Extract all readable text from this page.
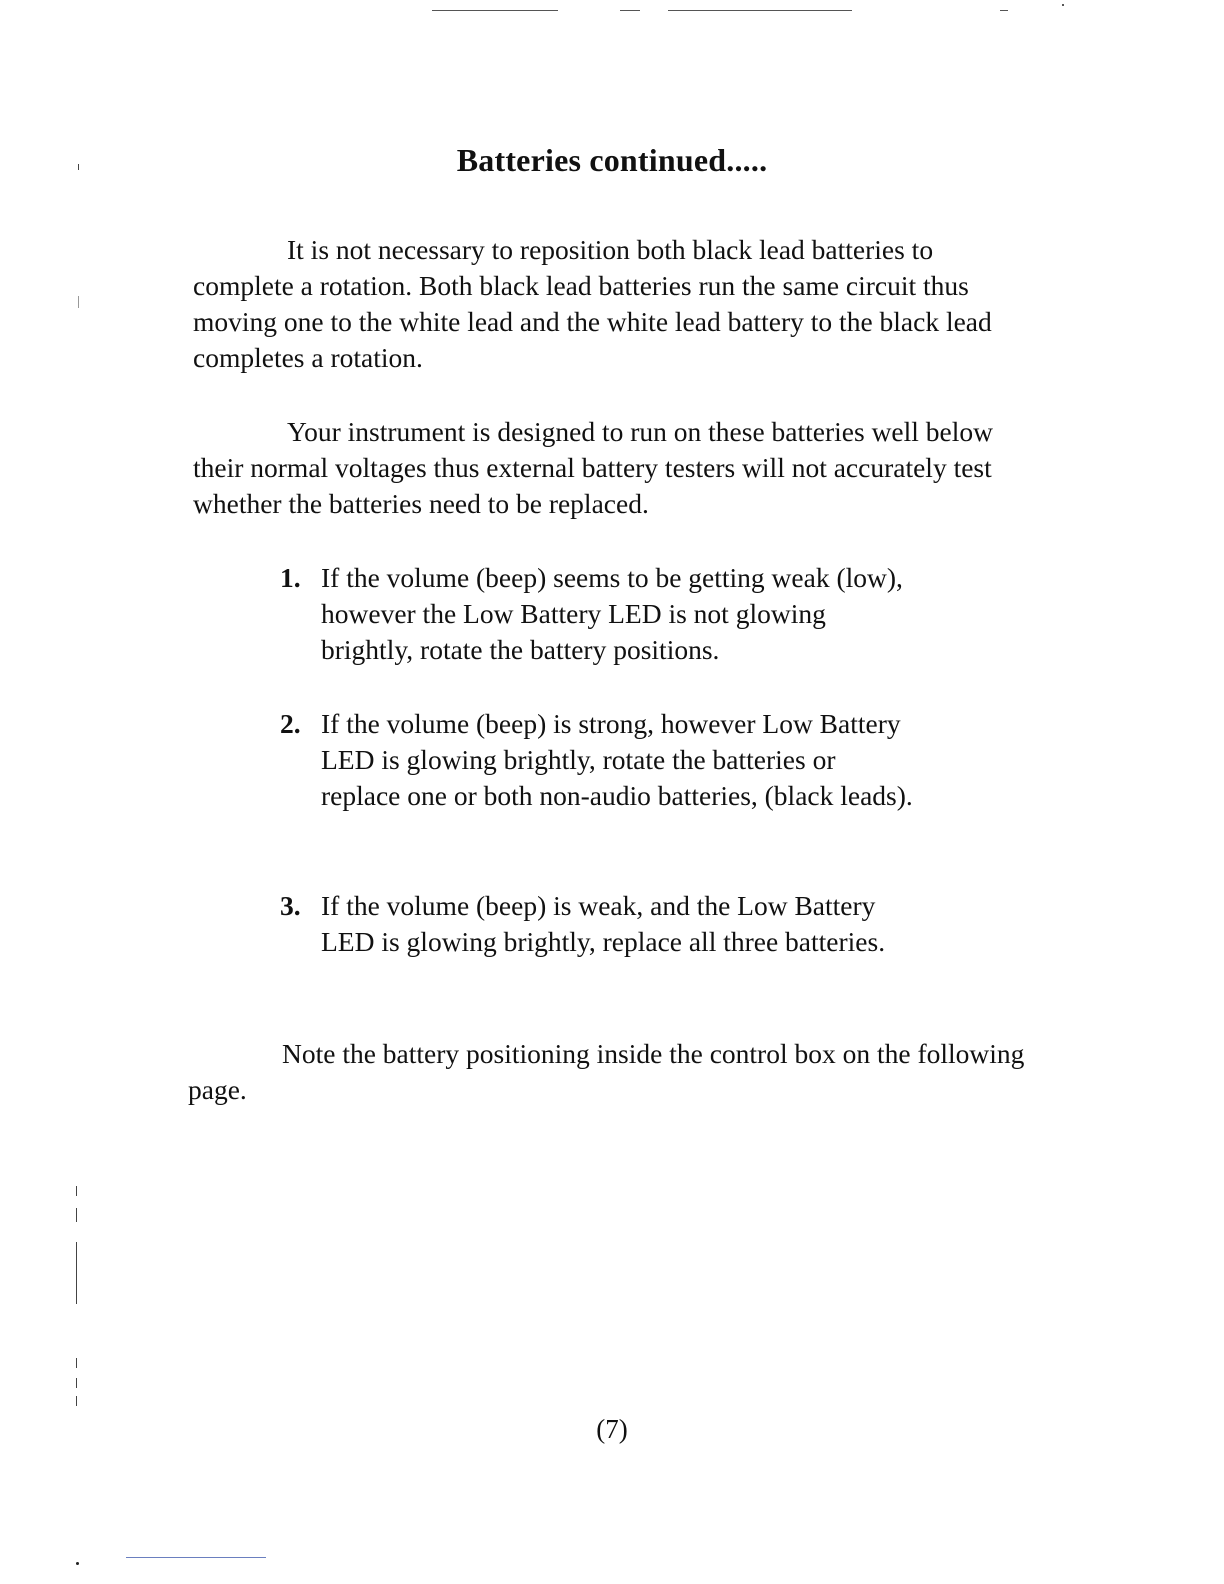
Batteries continued.....

It is not necessary to reposition both black lead batteries to complete a rotation. Both black lead batteries run the same circuit thus moving one to the white lead and the white lead battery to the black lead completes a rotation.

Your instrument is designed to run on these batteries well below their normal voltages thus external battery testers will not accurately test whether the batteries need to be replaced.

1. If the volume (beep) seems to be getting weak (low), however the Low Battery LED is not glowing brightly, rotate the battery positions.
2. If the volume (beep) is strong, however Low Battery LED is glowing brightly, rotate the batteries or replace one or both non-audio batteries, (black leads).
3. If the volume (beep) is weak, and the Low Battery LED is glowing brightly, replace all three batteries.

Note the battery positioning inside the control box on the following page.

(7)
